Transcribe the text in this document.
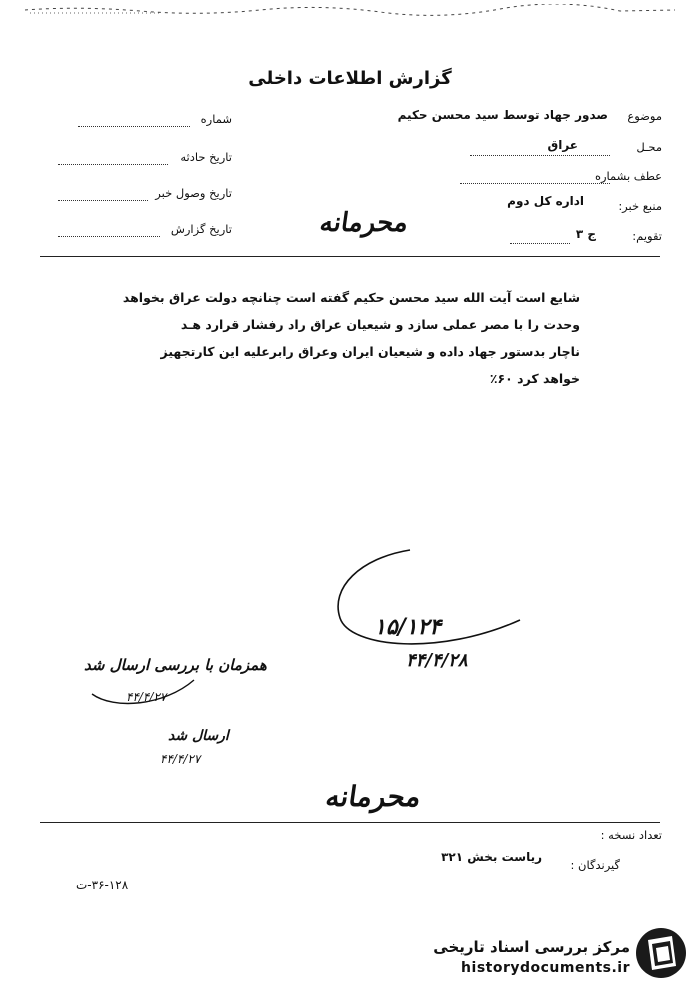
گزارش اطلاعات داخلی
موضوع
صدور جهاد توسط سید محسن حکیم
محـل
عراق
عطف بشماره
منبع خبر:
اداره کل دوم
تقویم:
ج ۳
شماره
تاریخ حادثه
تاریخ وصول خبر
تاریخ گزارش	محرمانه
شایع است آیت الله سید محسن حکیم گفته است چنانچه دولت عراق بخواهد
وحدت را با مصر عملی سازد و شیعیان عراق راد رفشار قرارد هـد
ناچار بدستور جهاد داده و شیعیان ایران وعراق رابرعلیه این کارتجهیز
خواهد کرد ۶۰٪
۱۵/۱۲۴
۴۴/۴/۲۸
همزمان با بررسی ارسال شد
۴۴/۴/۲۷
ارسال شد
۴۴/۴/۲۷
محرمانه
تعداد نسخه :
گیرندگان :
ریاست بخش ۳۲۱
۳۶-۱۲۸-ت
مرکز بررسی اسناد تاریخی
historydocuments.ir
